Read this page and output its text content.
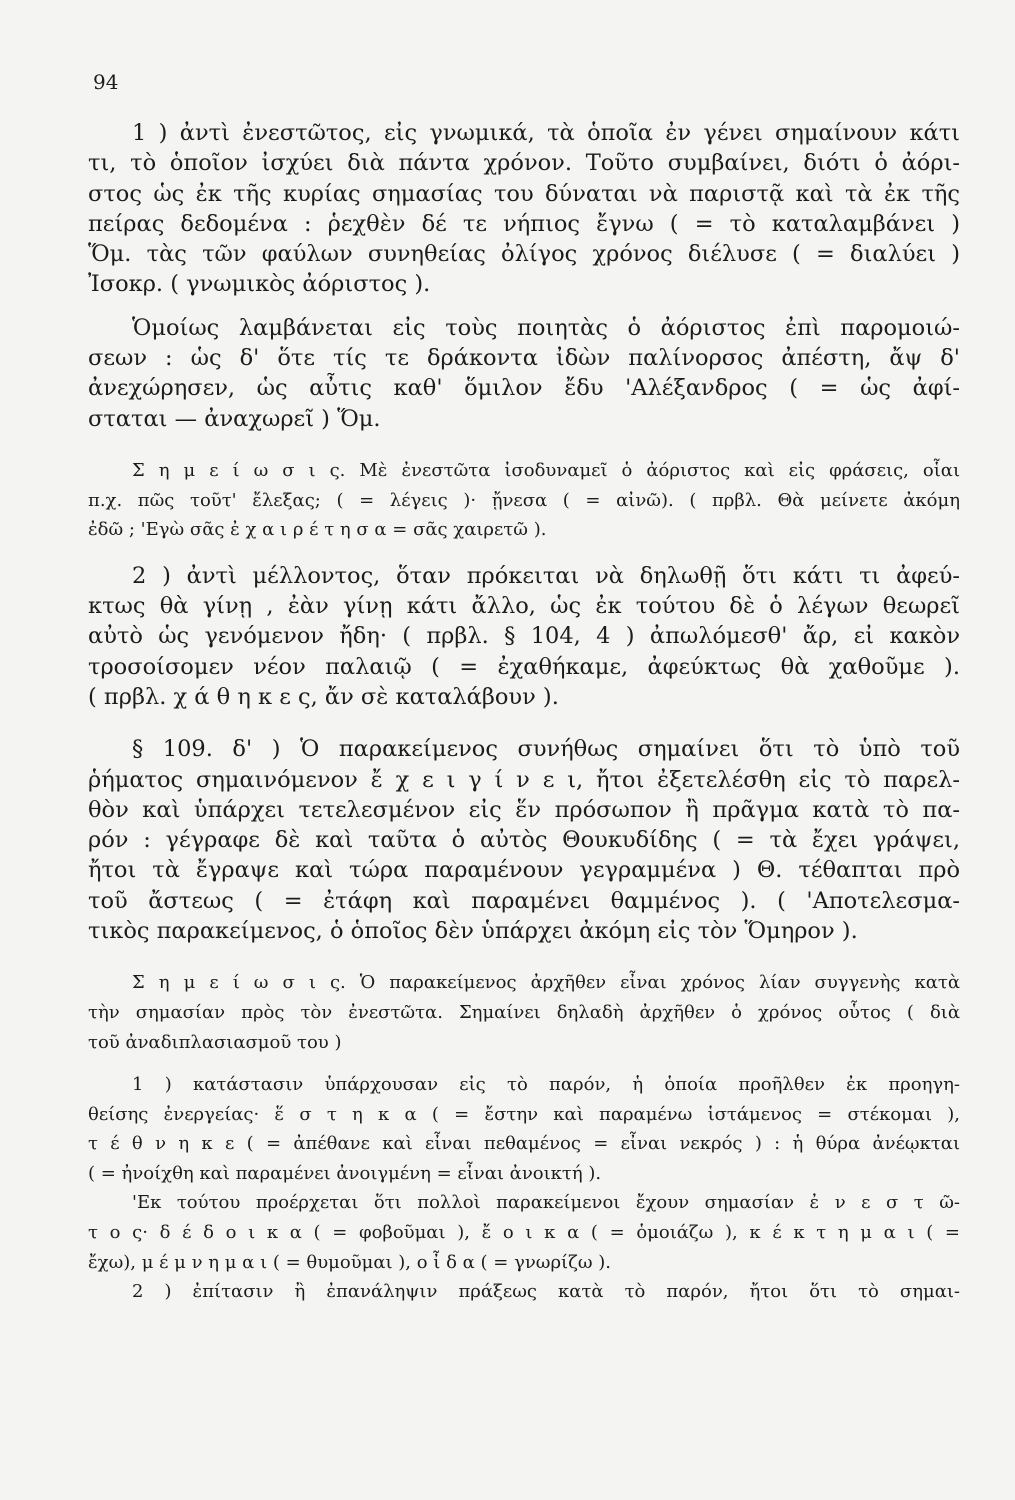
94
1 ) ἀντὶ ἐνεστῶτος, εἰς γνωμικά, τὰ ὁποῖα ἐν γένει σημαίνουν κάτι
τι, τὸ ὁποῖον ἰσχύει διὰ πάντα χρόνον. Τοῦτο συμβαίνει, διότι ὁ ἀόρι-
στος ὡς ἐκ τῆς κυρίας σημασίας του δύναται νὰ παριστᾷ καὶ τὰ ἐκ τῆς
πείρας δεδομένα : ῥεχθὲν δέ τε νήπιος ἔγνω ( = τὸ καταλαμβάνει )
Ὅμ. τὰς τῶν φαύλων συνηθείας ὀλίγος χρόνος διέλυσε ( = διαλύει )
Ἰσοκρ. ( γνωμικὸς ἀόριστος ).
Ὁμοίως λαμβάνεται εἰς τοὺς ποιητὰς ὁ ἀόριστος ἐπὶ παρομοιώ-
σεων : ὡς δ' ὅτε τίς τε δράκοντα ἰδὼν παλίνορσος ἀπέστη, ἄψ δ'
ἀνεχώρησεν, ὡς αὖτις καθ' ὅμιλον ἔδυ 'Αλέξανδρος ( = ὡς ἀφί-
σταται — ἀναχωρεῖ ) Ὅμ.
Σ η μ ε ί ω σ ι ς. Μὲ ἐνεστῶτα ἰσοδυναμεῖ ὁ ἀόριστος καὶ εἰς φράσεις, οἷαι
π.χ. πῶς τοῦτ' ἔλεξας; ( = λέγεις )· ᾔνεσα ( = αἰνῶ). ( πρβλ. Θὰ μείνετε ἀκόμη
ἐδῶ ; 'Εγὼ σᾶς ἐ χ α ι ρ έ τ η σ α = σᾶς χαιρετῶ ).
2 ) ἀντὶ μέλλοντος, ὅταν πρόκειται νὰ δηλωθῇ ὅτι κάτι τι ἀφεύ-
κτως θὰ γίνῃ , ἐὰν γίνῃ κάτι ἄλλο, ὡς ἐκ τούτου δὲ ὁ λέγων θεωρεῖ
αὐτὸ ὡς γενόμενον ἤδη· ( πρβλ. § 104, 4 ) ἀπωλόμεσθ' ἄρ, εἰ κακὸν
τροσοίσομεν νέον παλαιῷ ( = ἐχαθήκαμε, ἀφεύκτως θὰ χαθοῦμε ).
( πρβλ. χ ά θ η κ ε ς, ἄν σὲ καταλάβουν ).
§ 109. δ' ) Ὁ παρακείμενος συνήθως σημαίνει ὅτι τὸ ὑπὸ τοῦ
ῥήματος σημαινόμενον ἔ χ ε ι γ ί ν ε ι, ἤτοι ἐξετελέσθη εἰς τὸ παρελ-
θὸν καὶ ὑπάρχει τετελεσμένον εἰς ἕν πρόσωπον ἢ πρᾶγμα κατὰ τὸ πα-
ρόν : γέγραφε δὲ καὶ ταῦτα ὁ αὐτὸς Θουκυδίδης ( = τὰ ἔχει γράψει,
ἤτοι τὰ ἔγραψε καὶ τώρα παραμένουν γεγραμμένα ) Θ. τέθαπται πρὸ
τοῦ ἄστεως ( = ἐτάφη καὶ παραμένει θαμμένος ). ( 'Αποτελεσμα-
τικὸς παρακείμενος, ὁ ὁποῖος δὲν ὑπάρχει ἀκόμη εἰς τὸν Ὅμηρον ).
Σ η μ ε ί ω σ ι ς. Ὁ παρακείμενος ἀρχῆθεν εἶναι χρόνος λίαν συγγενὴς κατὰ
τὴν σημασίαν πρὸς τὸν ἐνεστῶτα. Σημαίνει δηλαδὴ ἀρχῆθεν ὁ χρόνος οὗτος ( διὰ
τοῦ ἀναδιπλασιασμοῦ του )
1 ) κατάστασιν ὑπάρχουσαν εἰς τὸ παρόν, ἡ ὁποία προῆλθεν ἐκ προηγη-
θείσης ἐνεργείας· ἕ σ τ η κ α ( = ἔστην καὶ παραμένω ἱστάμενος = στέκομαι ),
τ έ θ ν η κ ε ( = ἀπέθανε καὶ εἶναι πεθαμένος = εἶναι νεκρός ) : ἡ θύρα ἀνέῳκται
( = ἠνοίχθη καὶ παραμένει ἀνοιγμένη = εἶναι ἀνοικτή ).
'Εκ τούτου προέρχεται ὅτι πολλοὶ παρακείμενοι ἔχουν σημασίαν ἐ ν ε σ τ ῶ-
τ ο ς· δ έ δ ο ι κ α ( = φοβοῦμαι ), ἔ ο ι κ α ( = ὁμοιάζω ), κ έ κ τ η μ α ι ( =
ἔχω), μ έ μ ν η μ α ι ( = θυμοῦμαι ), ο ἶ δ α ( = γνωρίζω ).
2 ) ἐπίτασιν ἢ ἐπανάληψιν πράξεως κατὰ τὸ παρόν, ἤτοι ὅτι τὸ σημαι-
